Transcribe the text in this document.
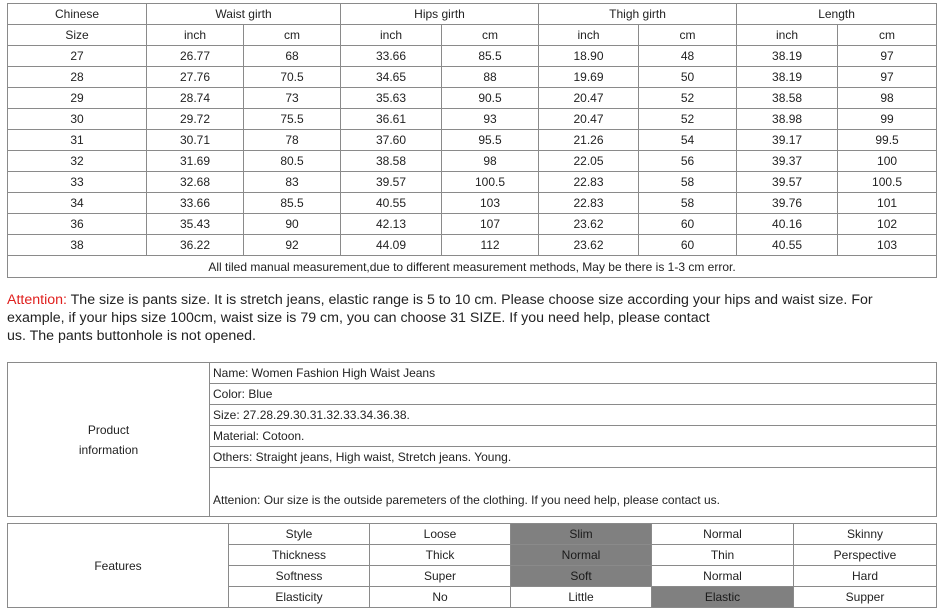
Chinese	Waist girth		Hips girth		Thigh girth		Length	
Size	inch	cm	inch	cm	inch	cm	inch	cm
27	26.77	68	33.66	85.5	18.90	48	38.19	97
28	27.76	70.5	34.65	88	19.69	50	38.19	97
29	28.74	73	35.63	90.5	20.47	52	38.58	98
30	29.72	75.5	36.61	93	20.47	52	38.98	99
31	30.71	78	37.60	95.5	21.26	54	39.17	99.5
32	31.69	80.5	38.58	98	22.05	56	39.37	100
33	32.68	83	39.57	100.5	22.83	58	39.57	100.5
34	33.66	85.5	40.55	103	22.83	58	39.76	101
36	35.43	90	42.13	107	23.62	60	40.16	102
38	36.22	92	44.09	112	23.62	60	40.55	103
All tiled manual measurement,due to different measurement methods, May be there is 1-3 cm error.								

Attention: The size is pants size. It is stretch jeans, elastic range is 5 to 10 cm. Please choose size according your hips and waist size. For
example, if your hips size 100cm, waist size is 79 cm, you can choose 31 SIZE. If you need help, please contact
us. The pants buttonhole is not opened.

Product
information	Name: Women Fashion High Waist Jeans
Color: Blue
Size: 27.28.29.30.31.32.33.34.36.38.
Material: Cotoon.
Others: Straight jeans, High waist, Stretch jeans. Young.
Attenion: Our size is the outside paremeters of the clothing. If you need help, please contact us.
Features	Style	Loose	Slim	Normal	Skinny
	Thickness	Thick	Normal	Thin	Perspective
	Softness	Super	Soft	Normal	Hard
	Elasticity	No	Little	Elastic	Supper
